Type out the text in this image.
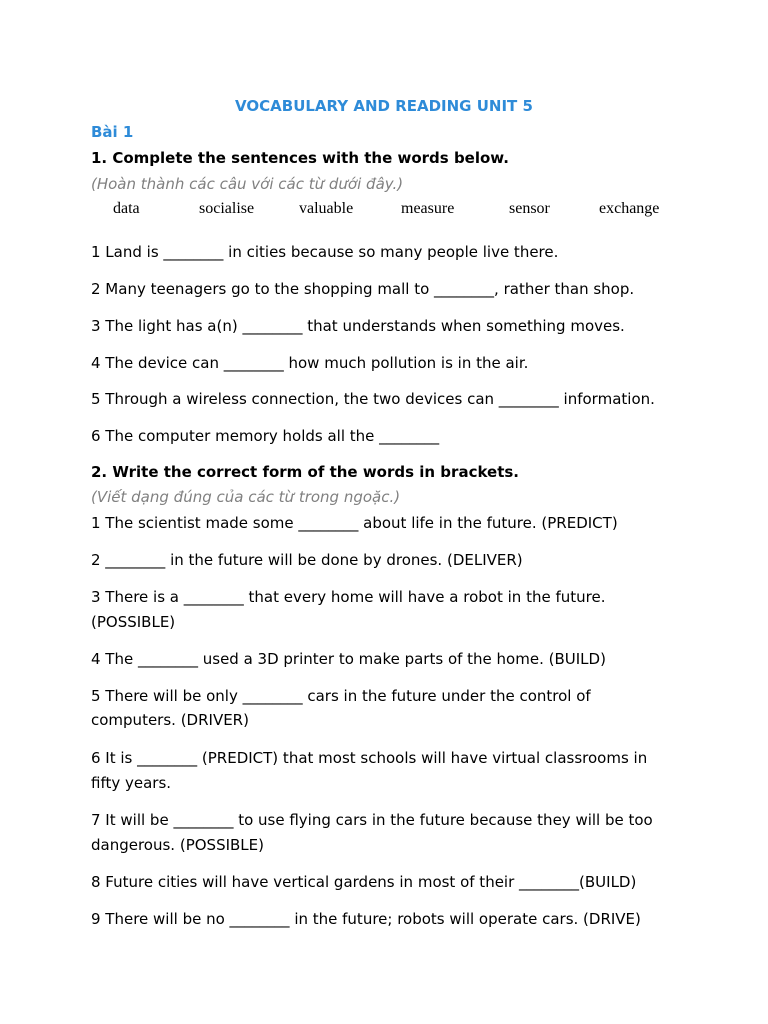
VOCABULARY AND READING UNIT 5
Bài 1
1. Complete the sentences with the words below.
(Hoàn thành các câu với các từ dưới đây.)
data	socialise	valuable	measure	sensor	exchange
1 Land is ________ in cities because so many people live there.
2 Many teenagers go to the shopping mall to ________, rather than shop.
3 The light has a(n) ________ that understands when something moves.
4 The device can ________ how much pollution is in the air.
5 Through a wireless connection, the two devices can ________ information.
6 The computer memory holds all the ________
2. Write the correct form of the words in brackets.
(Viết dạng đúng của các từ trong ngoặc.)
1 The scientist made some ________ about life in the future. (PREDICT)
2 ________ in the future will be done by drones. (DELIVER)
3 There is a ________ that every home will have a robot in the future.
(POSSIBLE)
4 The ________ used a 3D printer to make parts of the home. (BUILD)
5 There will be only ________ cars in the future under the control of
computers. (DRIVER)
6 It is ________ (PREDICT) that most schools will have virtual classrooms in
fifty years.
7 It will be ________ to use flying cars in the future because they will be too
dangerous. (POSSIBLE)
8 Future cities will have vertical gardens in most of their ________(BUILD)
9 There will be no ________ in the future; robots will operate cars. (DRIVE)
